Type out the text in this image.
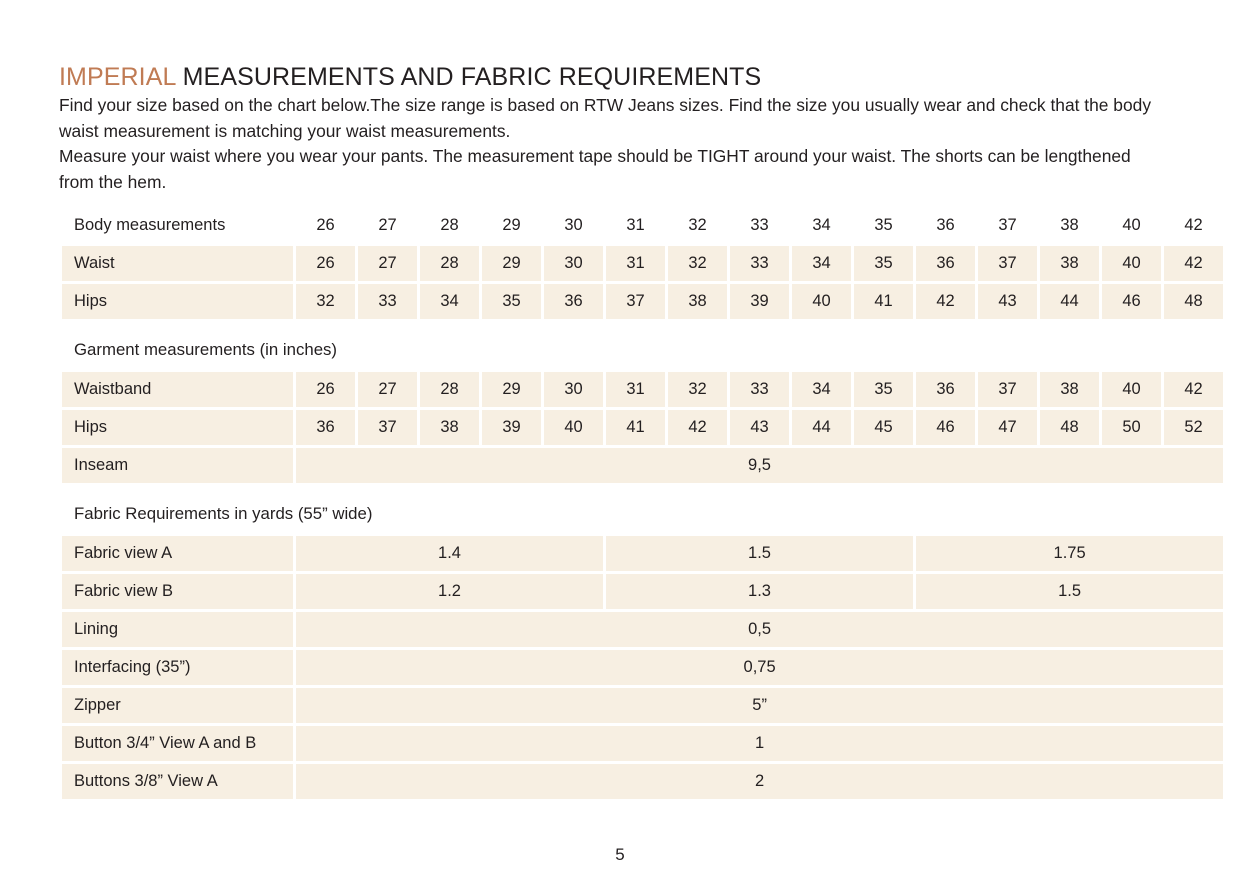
IMPERIAL MEASUREMENTS AND FABRIC REQUIREMENTS

Find your size based on the chart below.The size range is based on RTW Jeans sizes. Find the size you usually wear and check that the body waist measurement is matching your waist measurements.

Measure your waist where you wear your pants. The measurement tape should be TIGHT around your waist. The shorts can be lengthened from the hem.

Body measurements	26	27	28	29	30	31	32	33	34	35	36	37	38	40	42
Waist	26	27	28	29	30	31	32	33	34	35	36	37	38	40	42
Hips	32	33	34	35	36	37	38	39	40	41	42	43	44	46	48
Garment measurements (in inches)															
Waistband	26	27	28	29	30	31	32	33	34	35	36	37	38	40	42
Hips	36	37	38	39	40	41	42	43	44	45	46	47	48	50	52
Inseam	9,5														
Fabric Requirements in yards (55” wide)			
Fabric view A	1.4	1.5	1.75
Fabric view B	1.2	1.3	1.5
Lining	0,5		
Interfacing (35”)	0,75		
Zipper	5”		
Button 3/4” View A and B	1		
Buttons 3/8” View A	2		
5
